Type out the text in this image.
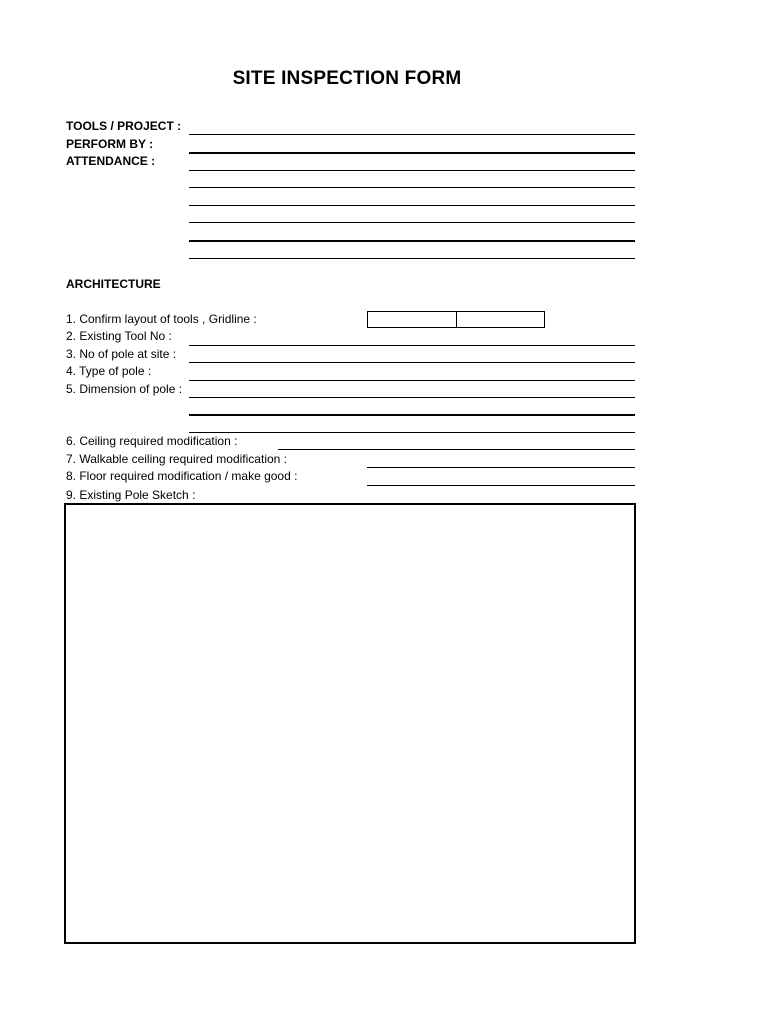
SITE INSPECTION FORM
TOOLS / PROJECT :
PERFORM BY :
ATTENDANCE :
ARCHITECTURE
1. Confirm layout of tools , Gridline :
2. Existing Tool No :
3. No of pole at site :
4. Type of pole :
5. Dimension of pole :
6. Ceiling required modification :
7. Walkable ceiling required modification :
8. Floor required modification / make good :
9. Existing Pole Sketch :
